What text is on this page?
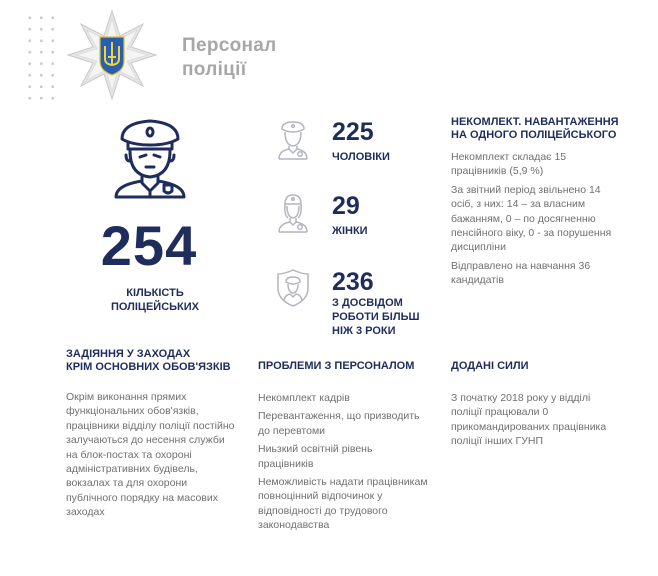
Персонал
поліції
254
КІЛЬКІСТЬ
ПОЛІЦЕЙСЬКИХ
225
ЧОЛОВІКИ
29
ЖІНКИ
236
З ДОСВІДОМ
РОБОТИ БІЛЬШ
НІЖ 3 РОКИ
НЕКОМЛЕКТ. НАВАНТАЖЕННЯ
НА ОДНОГО ПОЛІЦЕЙСЬКОГО
Некомплект складає 15 працівників (5,9 %)
За звітний період звільнено 14 осіб, з них: 14 – за власним бажанням, 0 – по досягненню пенсійного віку, 0 - за порушення дисципліни
Відправлено на навчання 36 кандидатів
ЗАДІЯННЯ У ЗАХОДАХ
КРІМ ОСНОВНИХ ОБОВ'ЯЗКІВ
Окрім виконання прямих функціональних обов'язків, працівники відділу поліції постійно залучаються до несення служби на блок-постах та охороні адміністративних будівель, вокзалах та для охорони публічного порядку на масових заходах
ПРОБЛЕМИ З ПЕРСОНАЛОМ
Некомплект кадрів
Перевантаження, що призводить до перевтоми
Ниьзкий освітній рівень працівників
Неможливість надати працівникам повноцінний відпочинок у відповідності до трудового законодавства
ДОДАНІ СИЛИ
З початку 2018 року у відділі поліції працювали 0 прикомандированих працівника поліції інших ГУНП
